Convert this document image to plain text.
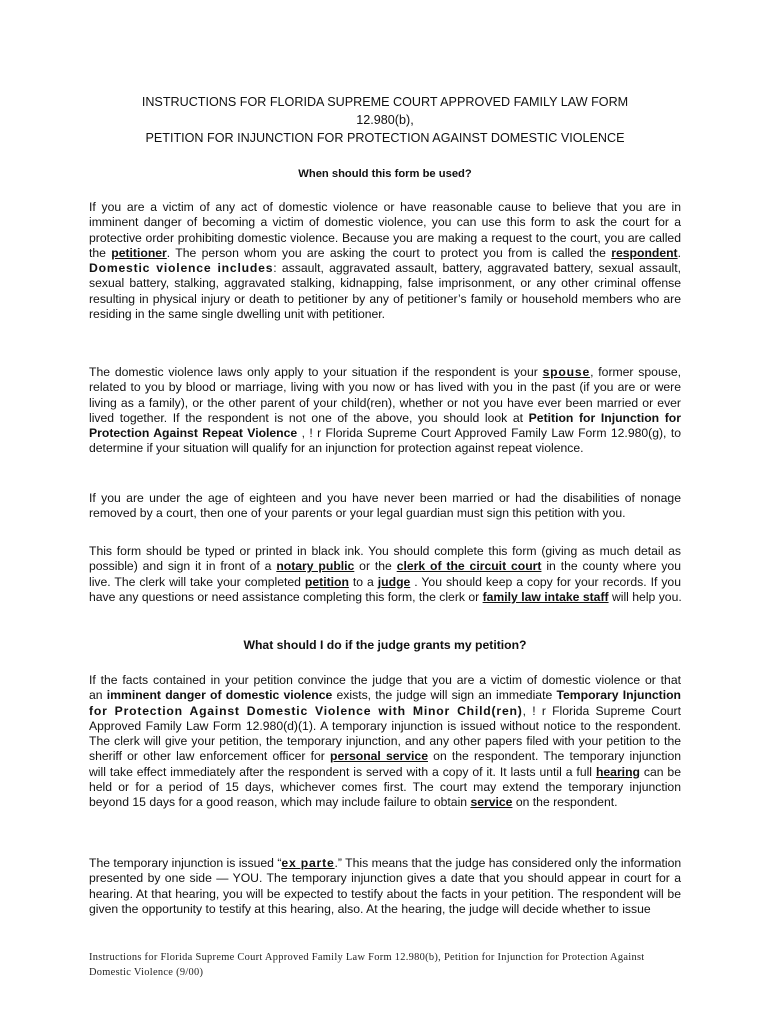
INSTRUCTIONS FOR FLORIDA SUPREME COURT APPROVED FAMILY LAW FORM
12.980(b),
PETITION FOR INJUNCTION FOR PROTECTION AGAINST DOMESTIC VIOLENCE
When should this form be used?
If you are a victim of any act of domestic violence or have reasonable cause to believe that you are in
imminent danger of becoming a victim of domestic violence, you can use this form to ask the court for a
protective order prohibiting domestic violence. Because you are making a request to the court, you are called
the petitioner. The person whom you are asking the court to protect you from is called the respondent.
Domestic violence includes: assault, aggravated assault, battery, aggravated battery, sexual assault,
sexual battery, stalking, aggravated stalking, kidnapping, false imprisonment, or any other criminal offense
resulting in physical injury or death to petitioner by any of petitioner’s family or household members who are
residing in the same single dwelling unit with petitioner.
The domestic violence laws only apply to your situation if the respondent is your spouse, former spouse,
related to you by blood or marriage, living with you now or has lived with you in the past (if you are or were
living as a family), or the other parent of your child(ren), whether or not you have ever been married or ever
lived together. If the respondent is not one of the above, you should look at Petition for Injunction for
Protection Against Repeat Violence , ! r Florida Supreme Court Approved Family Law Form 12.980(g), to
determine if your situation will qualify for an injunction for protection against repeat violence.
If you are under the age of eighteen and you have never been married or had the disabilities of nonage
removed by a court, then one of your parents or your legal guardian must sign this petition with you.
This form should be typed or printed in black ink. You should complete this form (giving as much detail as
possible) and sign it in front of a notary public or the clerk of the circuit court in the county where you
live. The clerk will take your completed petition to a judge . You should keep a copy for your records. If you
have any questions or need assistance completing this form, the clerk or family law intake staff will help you.
What should I do if the judge grants my petition?
If the facts contained in your petition convince the judge that you are a victim of domestic violence or that
an imminent danger of domestic violence exists, the judge will sign an immediate Temporary Injunction
for Protection Against Domestic Violence with Minor Child(ren), ! r Florida Supreme Court
Approved Family Law Form 12.980(d)(1). A temporary injunction is issued without notice to the respondent.
The clerk will give your petition, the temporary injunction, and any other papers filed with your petition to the
sheriff or other law enforcement officer for personal service on the respondent. The temporary injunction
will take effect immediately after the respondent is served with a copy of it. It lasts until a full hearing can be
held or for a period of 15 days, whichever comes first. The court may extend the temporary injunction
beyond 15 days for a good reason, which may include failure to obtain service on the respondent.
The temporary injunction is issued “ex parte.” This means that the judge has considered only the information
presented by one side — YOU. The temporary injunction gives a date that you should appear in court for a
hearing. At that hearing, you will be expected to testify about the facts in your petition. The respondent will be
given the opportunity to testify at this hearing, also. At the hearing, the judge will decide whether to issue
Instructions for Florida Supreme Court Approved Family Law Form 12.980(b), Petition for Injunction for Protection Against
Domestic Violence (9/00)
